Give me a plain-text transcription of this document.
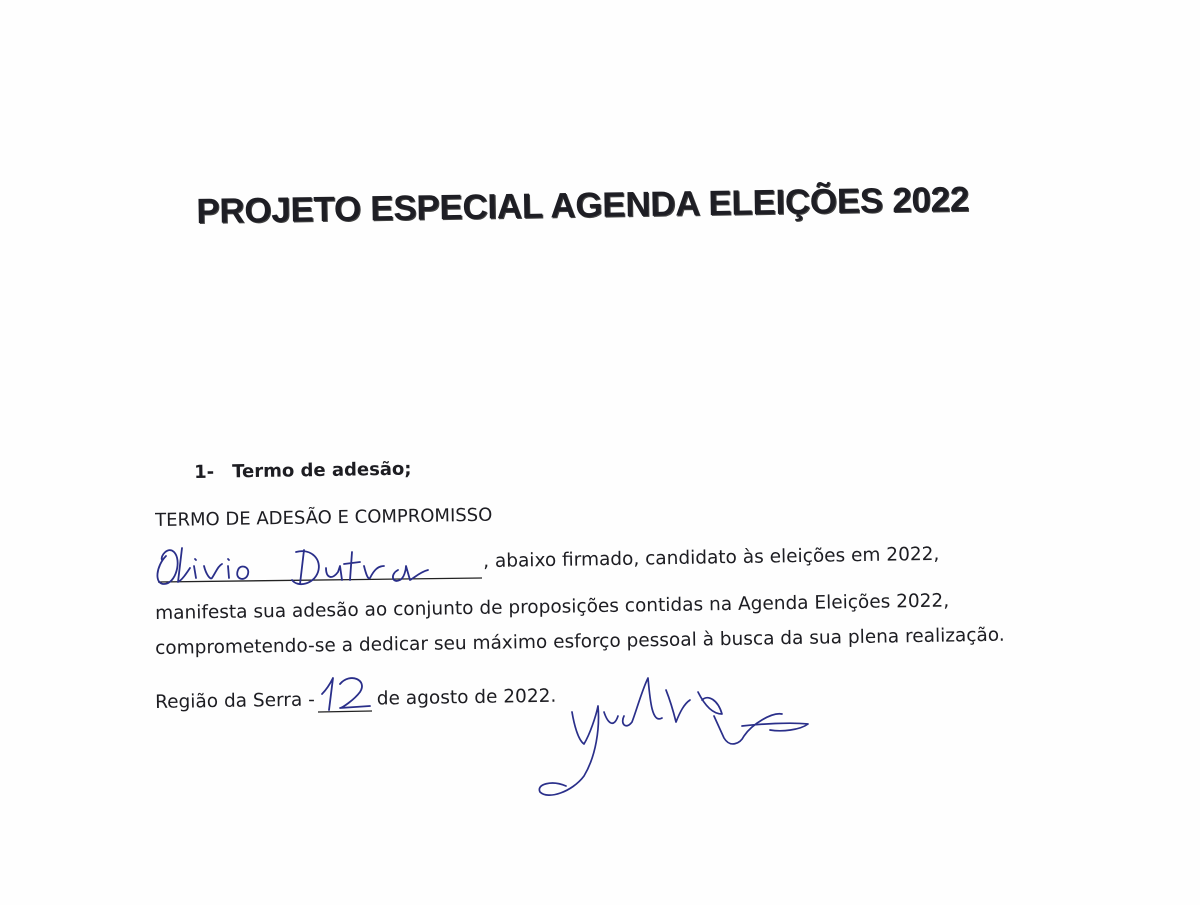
PROJETO ESPECIAL AGENDA ELEIÇÕES 2022
1- Termo de adesão;
TERMO DE ADESÃO E COMPROMISSO
, abaixo firmado, candidato às eleições em 2022,
manifesta sua adesão ao conjunto de proposições contidas na Agenda Eleições 2022,
comprometendo-se a dedicar seu máximo esforço pessoal à busca da sua plena realização.
Região da Serra -	de agosto de 2022.
